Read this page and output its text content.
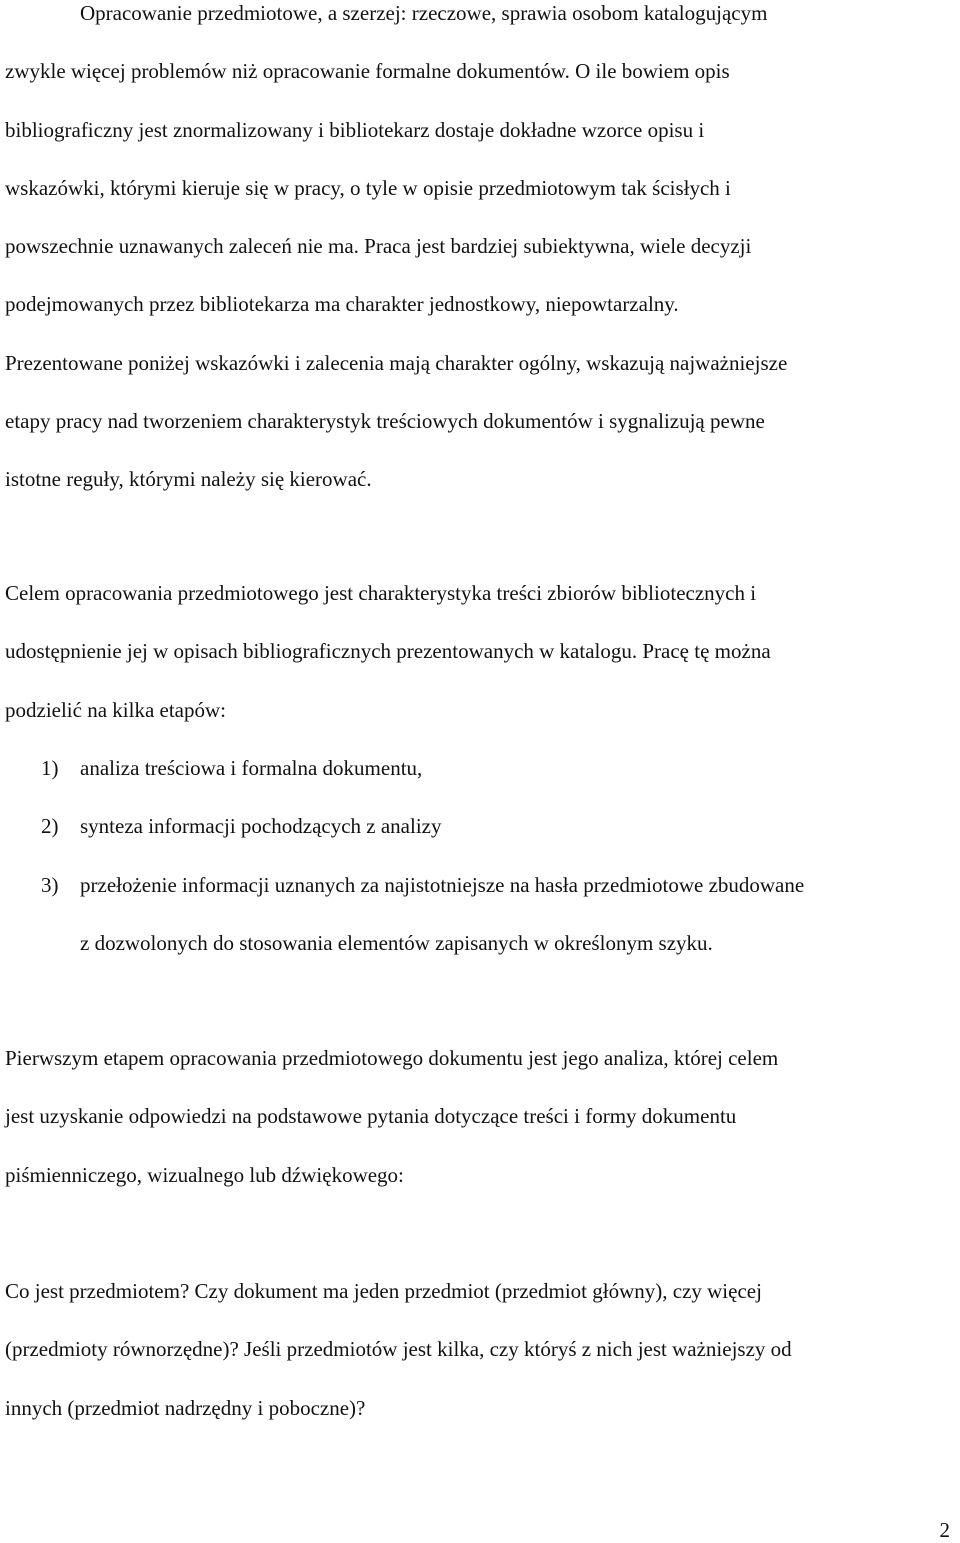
Opracowanie przedmiotowe, a szerzej: rzeczowe, sprawia osobom katalogującym
zwykle więcej problemów niż opracowanie formalne dokumentów. O ile bowiem opis
bibliograficzny jest znormalizowany i bibliotekarz dostaje dokładne wzorce opisu i
wskazówki, którymi kieruje się w pracy, o tyle w opisie przedmiotowym tak ścisłych i
powszechnie uznawanych zaleceń nie ma. Praca jest bardziej subiektywna, wiele decyzji
podejmowanych przez bibliotekarza ma charakter jednostkowy, niepowtarzalny.
Prezentowane poniżej wskazówki i zalecenia mają charakter ogólny, wskazują najważniejsze
etapy pracy nad tworzeniem charakterystyk treściowych dokumentów i sygnalizują pewne
istotne reguły, którymi należy się kierować.

Celem opracowania przedmiotowego jest charakterystyka treści zbiorów bibliotecznych i
udostępnienie jej w opisach bibliograficznych prezentowanych w katalogu. Pracę tę można
podzielić na kilka etapów:

1) analiza treściowa i formalna dokumentu,
2) synteza informacji pochodzących z analizy
3) przełożenie informacji uznanych za najistotniejsze na hasła przedmiotowe zbudowane
z dozwolonych do stosowania elementów zapisanych w określonym szyku.

Pierwszym etapem opracowania przedmiotowego dokumentu jest jego analiza, której celem
jest uzyskanie odpowiedzi na podstawowe pytania dotyczące treści i formy dokumentu
piśmienniczego, wizualnego lub dźwiękowego:

Co jest przedmiotem? Czy dokument ma jeden przedmiot (przedmiot główny), czy więcej
(przedmioty równorzędne)? Jeśli przedmiotów jest kilka, czy któryś z nich jest ważniejszy od
innych (przedmiot nadrzędny i poboczne)?

2
